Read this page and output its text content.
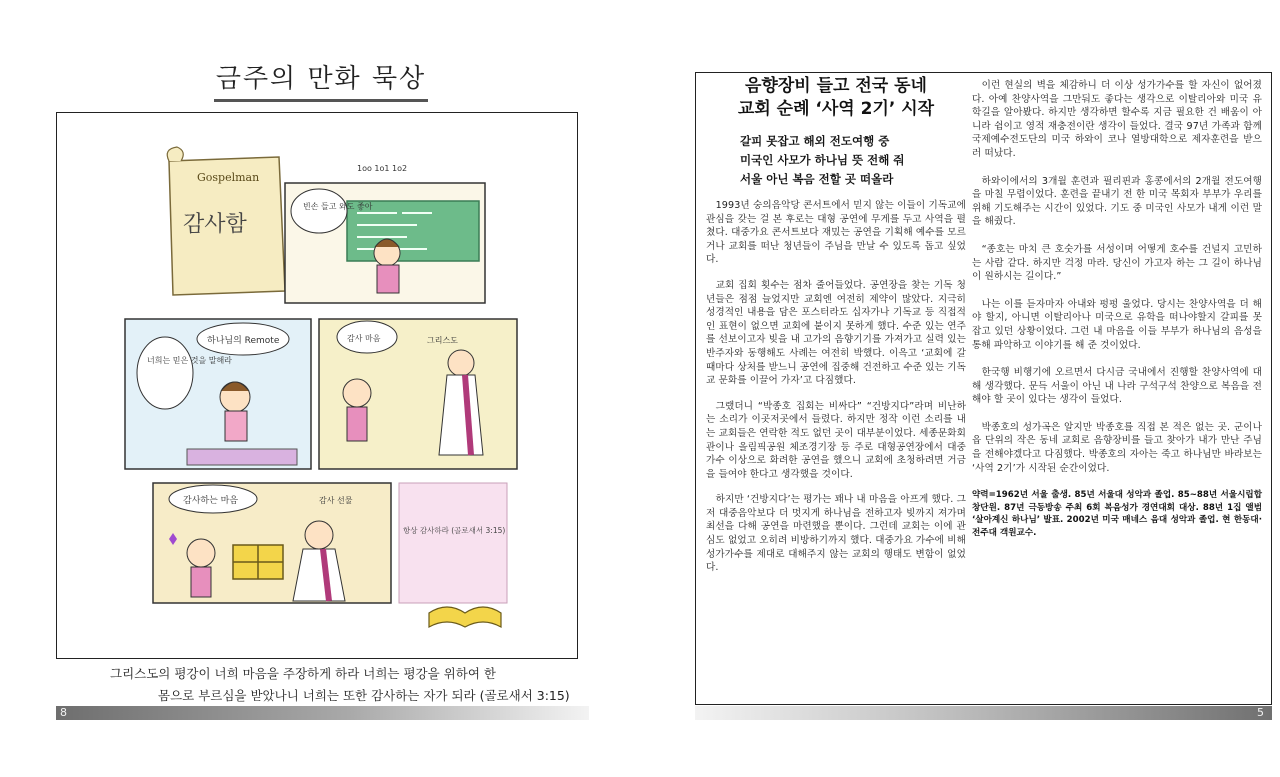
금주의 만화 묵상
Gospelman
감사함
빈손 들고 와도 좋아
1oo 1o1 1o2
너희는 믿은 것을 말해라
하나님의 Remote	감사 마음	그리스도
감사하는 마음	감사 선물
항상 감사하라 (골로새서 3:15)
그리스도의 평강이 너희 마음을 주장하게 하라 너희는 평강을 위하여 한
몸으로 부르심을 받았나니 너희는 또한 감사하는 자가 되라 (골로새서 3:15)
8
음향장비 들고 전국 동네
교회 순례 ‘사역 2기’ 시작
갈피 못잡고 해외 전도여행 중
미국인 사모가 하나님 뜻 전해 줘
서울 아닌 복음 전할 곳 떠올라

1993년 숭의음악당 콘서트에서 믿지 않는 이들이 기독교에 관심을 갖는 걸 본 후로는 대형 공연에 무게를 두고 사역을 펼쳤다. 대중가요 콘서트보다 재밌는 공연을 기획해 예수를 모르거나 교회를 떠난 청년들이 주님을 만날 수 있도록 돕고 싶었다.

교회 집회 횟수는 점차 줄어들었다. 공연장을 찾는 기독 청년들은 점점 늘었지만 교회엔 여전히 제약이 많았다. 지극히 성경적인 내용을 담은 포스터라도 십자가나 기독교 등 직접적인 표현이 없으면 교회에 붙이지 못하게 했다. 수준 있는 연주를 선보이고자 빚을 내 고가의 음향기기를 가져가고 실력 있는 반주자와 동행해도 사례는 여전히 박했다. 이윽고 ‘교회에 갈 때마다 상처를 받느니 공연에 집중해 건전하고 수준 있는 기독교 문화를 이끌어 가자’고 다짐했다.

그랬더니 “박종호 집회는 비싸다” “건방지다”라며 비난하는 소리가 이곳저곳에서 들렸다. 하지만 정작 이런 소리를 내는 교회들은 연락한 적도 없던 곳이 대부분이었다. 세종문화회관이나 올림픽공원 체조경기장 등 주로 대형공연장에서 대중가수 이상으로 화려한 공연을 했으니 교회에 초청하려면 거금을 들여야 한다고 생각했을 것이다.

하지만 ‘건방지다’는 평가는 꽤나 내 마음을 아프게 했다. 그저 대중음악보다 더 멋지게 하나님을 전하고자 빚까지 져가며 최선을 다해 공연을 마련했을 뿐이다. 그런데 교회는 이에 관심도 없었고 오히려 비방하기까지 했다. 대중가요 가수에 비해 성가가수를 제대로 대해주지 않는 교회의 행태도 변함이 없었다.

이런 현실의 벽을 체감하니 더 이상 성가가수를 할 자신이 없어졌다. 아예 찬양사역을 그만둬도 좋다는 생각으로 이탈리아와 미국 유학길을 알아봤다. 하지만 생각하면 할수록 지금 필요한 건 배움이 아니라 쉼이고 영적 재충전이란 생각이 들었다. 결국 97년 가족과 함께 국제예수전도단의 미국 하와이 코나 열방대학으로 제자훈련을 받으러 떠났다.

하와이에서의 3개월 훈련과 필리핀과 홍콩에서의 2개월 전도여행을 마칠 무렵이었다. 훈련을 끝내기 전 한 미국 목회자 부부가 우리를 위해 기도해주는 시간이 있었다. 기도 중 미국인 사모가 내게 이런 말을 해줬다.

“종호는 마치 큰 호숫가를 서성이며 어떻게 호수를 건널지 고민하는 사람 같다. 하지만 걱정 마라. 당신이 가고자 하는 그 길이 하나님이 원하시는 길이다.”

나는 이를 듣자마자 아내와 펑펑 울었다. 당시는 찬양사역을 더 해야 할지, 아니면 이탈리아나 미국으로 유학을 떠나야할지 갈피를 못 잡고 있던 상황이었다. 그런 내 마음을 이들 부부가 하나님의 음성을 통해 파악하고 이야기를 해 준 것이었다.

한국행 비행기에 오르면서 다시금 국내에서 진행할 찬양사역에 대해 생각했다. 문득 서울이 아닌 내 나라 구석구석 찬양으로 복음을 전해야 할 곳이 있다는 생각이 들었다.

박종호의 성가곡은 알지만 박종호를 직접 본 적은 없는 곳. 군이나 읍 단위의 작은 동네 교회로 음향장비를 들고 찾아가 내가 만난 주님을 전해야겠다고 다짐했다. 박종호의 자아는 죽고 하나님만 바라보는 ‘사역 2기’가 시작된 순간이었다.

약력=1962년 서울 출생. 85년 서울대 성악과 졸업. 85~88년 서울시립합창단원. 87년 극동방송 주최 6회 복음성가 경연대회 대상. 88년 1집 앨범 ‘살아계신 하나님’ 발표. 2002년 미국 매네스 음대 성악과 졸업. 현 한동대·전주대 객원교수.

5
